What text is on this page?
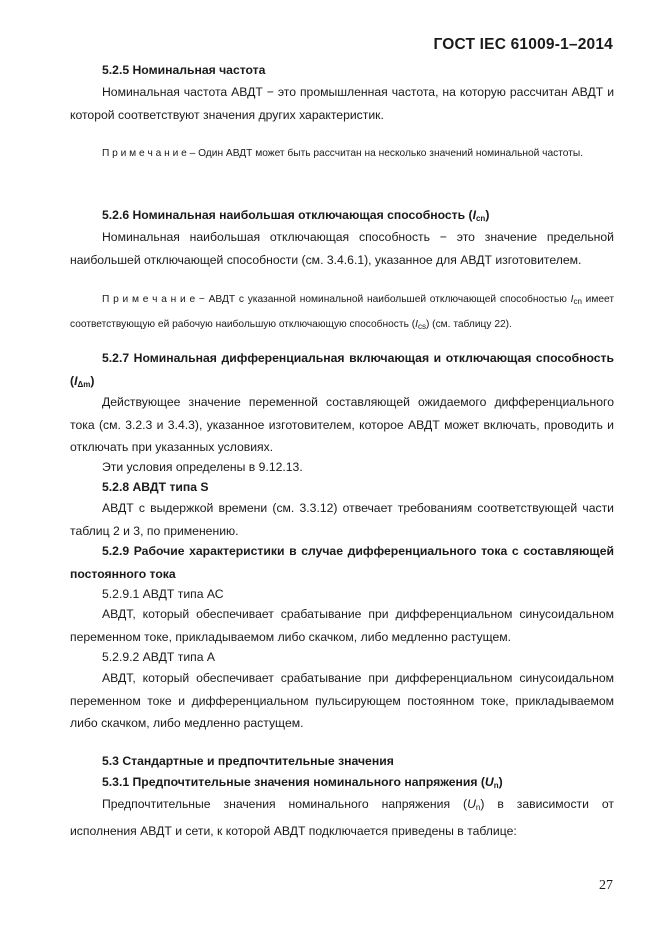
ГОСТ IEC 61009-1–2014
5.2.5 Номинальная частота
Номинальная частота АВДТ − это промышленная частота, на которую рассчитан АВДТ и которой соответствуют значения других характеристик.
П р и м е ч а н и е – Один АВДТ может быть рассчитан на несколько значений номинальной частоты.
5.2.6 Номинальная наибольшая отключающая способность $(I_{cn})$
Номинальная наибольшая отключающая способность − это значение предельной наибольшей отключающей способности (см. 3.4.6.1), указанное для АВДТ изготовителем.
П р и м е ч а н и е − АВДТ с указанной номинальной наибольшей отключающей способностью $I_{cn}$ имеет соответствующую ей рабочую наибольшую отключающую способность $(I_{cs})$ (см. таблицу 22).
5.2.7 Номинальная дифференциальная включающая и отключающая способность $(I_{\Delta m})$
Действующее значение переменной составляющей ожидаемого дифференциального тока (см. 3.2.3 и 3.4.3), указанное изготовителем, которое АВДТ может включать, проводить и отключать при указанных условиях.
Эти условия определены в 9.12.13.
5.2.8 АВДТ типа S
АВДТ с выдержкой времени (см. 3.3.12) отвечает требованиям соответствующей части таблиц 2 и 3, по применению.
5.2.9 Рабочие характеристики в случае дифференциального тока с составляющей постоянного тока
5.2.9.1 АВДТ типа АС
АВДТ, который обеспечивает срабатывание при дифференциальном синусоидальном переменном токе, прикладываемом либо скачком, либо медленно растущем.
5.2.9.2 АВДТ типа А
АВДТ, который обеспечивает срабатывание при дифференциальном синусоидальном переменном токе и дифференциальном пульсирующем постоянном токе, прикладываемом либо скачком, либо медленно растущем.
5.3 Стандартные и предпочтительные значения
5.3.1 Предпочтительные значения номинального напряжения $(U_n)$
Предпочтительные значения номинального напряжения $(U_n)$ в зависимости от исполнения АВДТ и сети, к которой АВДТ подключается приведены в таблице:
27
